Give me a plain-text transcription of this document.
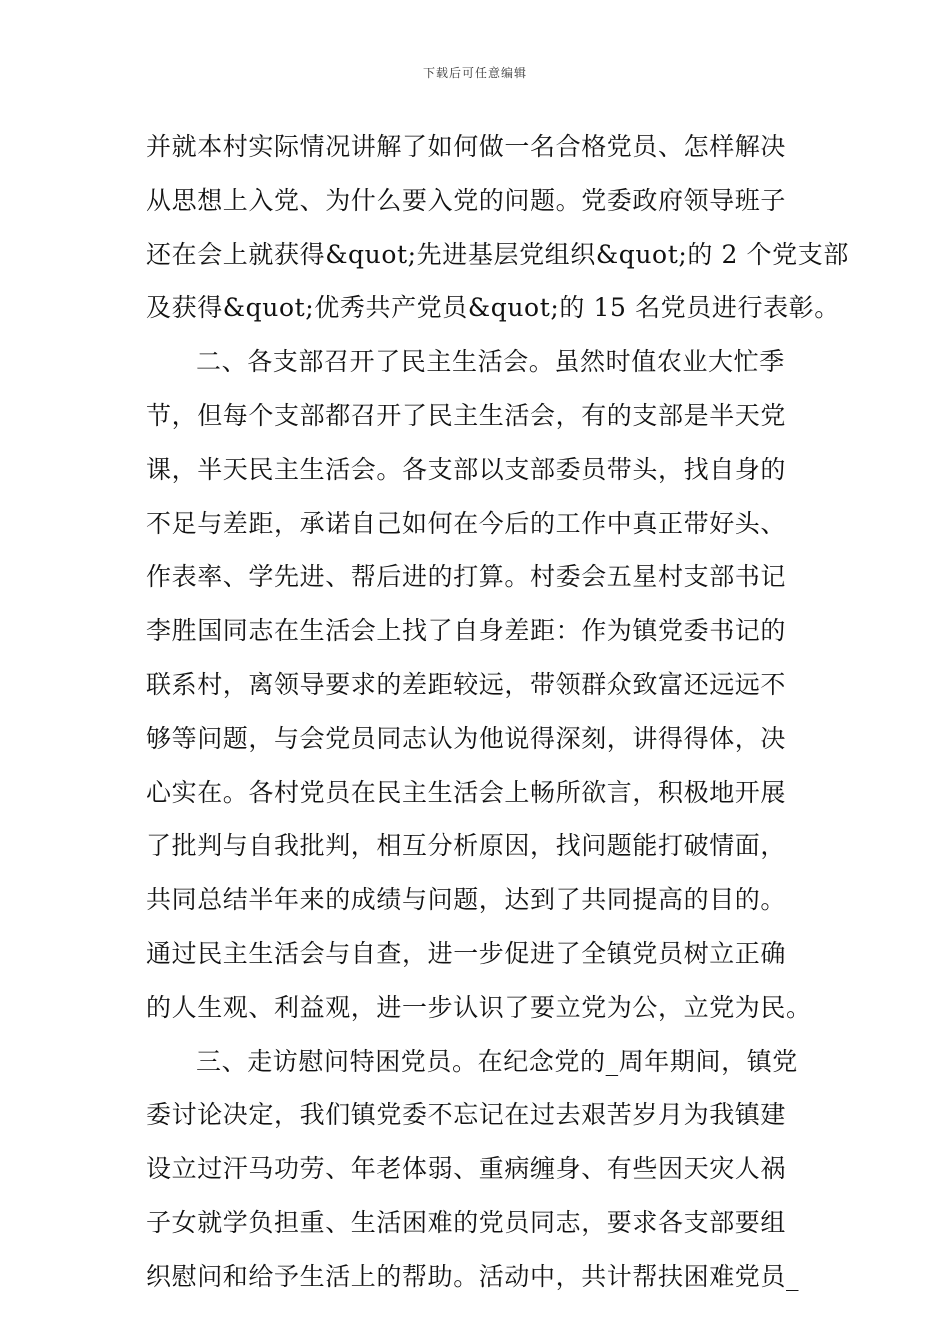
下载后可任意编辑
并就本村实际情况讲解了如何做一名合格党员、怎样解决
从思想上入党、为什么要入党的问题。党委政府领导班子
还在会上就获得&quot;先进基层党组织&quot;的 2 个党支部
及获得&quot;优秀共产党员&quot;的 15 名党员进行表彰。
二、各支部召开了民主生活会。虽然时值农业大忙季
节，但每个支部都召开了民主生活会，有的支部是半天党
课，半天民主生活会。各支部以支部委员带头，找自身的
不足与差距，承诺自己如何在今后的工作中真正带好头、
作表率、学先进、帮后进的打算。村委会五星村支部书记
李胜国同志在生活会上找了自身差距：作为镇党委书记的
联系村，离领导要求的差距较远，带领群众致富还远远不
够等问题，与会党员同志认为他说得深刻，讲得得体，决
心实在。各村党员在民主生活会上畅所欲言，积极地开展
了批判与自我批判，相互分析原因，找问题能打破情面，
共同总结半年来的成绩与问题，达到了共同提高的目的。
通过民主生活会与自查，进一步促进了全镇党员树立正确
的人生观、利益观，进一步认识了要立党为公，立党为民。
三、走访慰问特困党员。在纪念党的_周年期间，镇党
委讨论决定，我们镇党委不忘记在过去艰苦岁月为我镇建
设立过汗马功劳、年老体弱、重病缠身、有些因天灾人祸
子女就学负担重、生活困难的党员同志，要求各支部要组
织慰问和给予生活上的帮助。活动中，共计帮扶困难党员_
